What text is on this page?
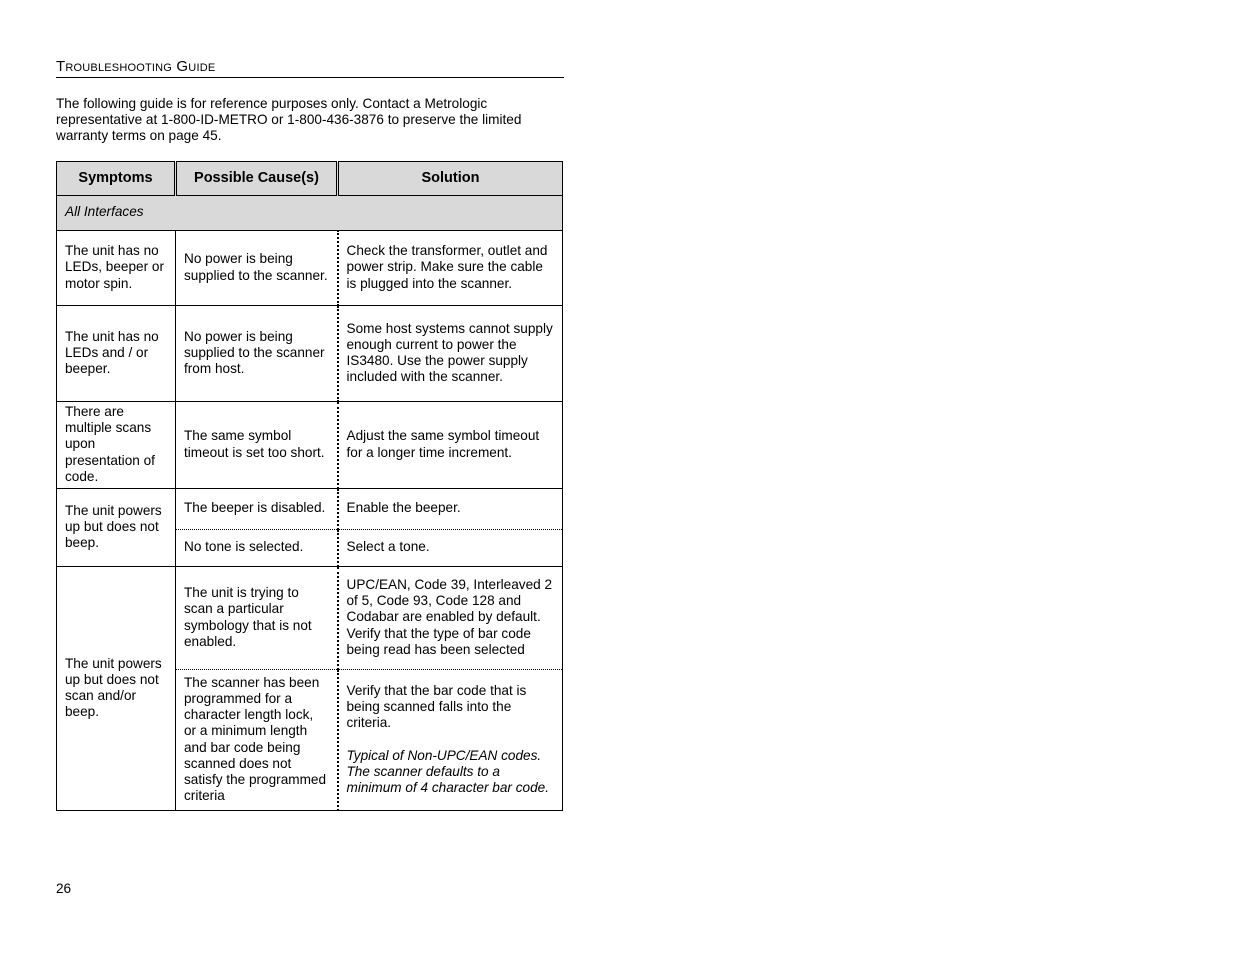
Troubleshooting Guide
The following guide is for reference purposes only. Contact a Metrologic representative at 1-800-ID-METRO or 1-800-436-3876 to preserve the limited warranty terms on page 45.
Symptoms	Possible Cause(s)	Solution
All Interfaces		
The unit has no LEDs, beeper or motor spin.	No power is being supplied to the scanner.	Check the transformer, outlet and power strip. Make sure the cable is plugged into the scanner.
The unit has no LEDs and / or beeper.	No power is being supplied to the scanner from host.	Some host systems cannot supply enough current to power the IS3480. Use the power supply included with the scanner.
There are multiple scans upon presentation of code.	The same symbol timeout is set too short.	Adjust the same symbol timeout for a longer time increment.
The unit powers up but does not beep.	The beeper is disabled.	Enable the beeper.
	No tone is selected.	Select a tone.
The unit powers up but does not scan and/or beep.	The unit is trying to scan a particular symbology that is not enabled.	UPC/EAN, Code 39, Interleaved 2 of 5, Code 93, Code 128 and Codabar are enabled by default. Verify that the type of bar code being read has been selected
	The scanner has been programmed for a character length lock, or a minimum length and bar code being scanned does not satisfy the programmed criteria	Verify that the bar code that is being scanned falls into the criteria.
Typical of Non-UPC/EAN codes. The scanner defaults to a minimum of 4 character bar code.
26
